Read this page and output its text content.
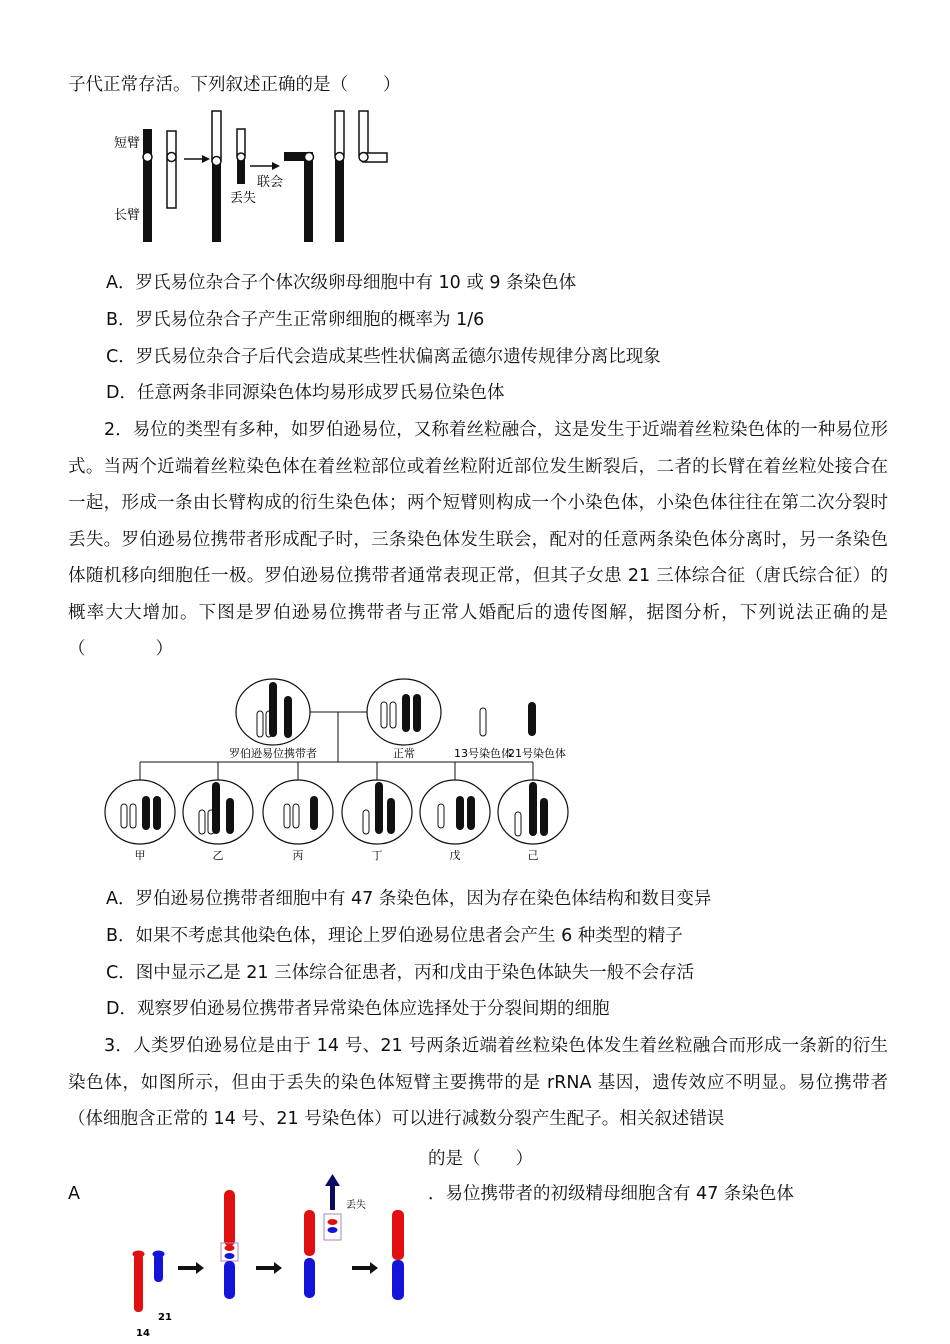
子代正常存活。下列叙述正确的是（　　）
短臂
长臂
丢失
联会
A．罗氏易位杂合子个体次级卵母细胞中有 10 或 9 条染色体
B．罗氏易位杂合子产生正常卵细胞的概率为 1/6
C．罗氏易位杂合子后代会造成某些性状偏离孟德尔遗传规律分离比现象
D．任意两条非同源染色体均易形成罗氏易位染色体
2．易位的类型有多种，如罗伯逊易位，又称着丝粒融合，这是发生于近端着丝粒染色体的一种易位形式。当两个近端着丝粒染色体在着丝粒部位或着丝粒附近部位发生断裂后，二者的长臂在着丝粒处接合在一起，形成一条由长臂构成的衍生染色体；两个短臂则构成一个小染色体，小染色体往往在第二次分裂时丢失。罗伯逊易位携带者形成配子时，三条染色体发生联会，配对的任意两条染色体分离时，另一条染色体随机移向细胞任一极。罗伯逊易位携带者通常表现正常，但其子女患 21 三体综合征（唐氏综合征）的概率大大增加。下图是罗伯逊易位携带者与正常人婚配后的遗传图解，据图分析，下列说法正确的是（　　　　）
罗伯逊易位携带者	正常	13号染色体
21号染色体
甲	乙	丙	丁	戊	己
A．罗伯逊易位携带者细胞中有 47 条染色体，因为存在染色体结构和数目变异
B．如果不考虑其他染色体，理论上罗伯逊易位患者会产生 6 种类型的精子
C．图中显示乙是 21 三体综合征患者，丙和戊由于染色体缺失一般不会存活
D．观察罗伯逊易位携带者异常染色体应选择处于分裂间期的细胞
3．人类罗伯逊易位是由于 14 号、21 号两条近端着丝粒染色体发生着丝粒融合而形成一条新的衍生染色体，如图所示，但由于丢失的染色体短臂主要携带的是 rRNA 基因，遗传效应不明显。易位携带者（体细胞含正常的 14 号、21 号染色体）可以进行减数分裂产生配子。相关叙述错误
的是（　　）
A	．易位携带者的初级精母细胞含有 47 条染色体
14
21
丢失
